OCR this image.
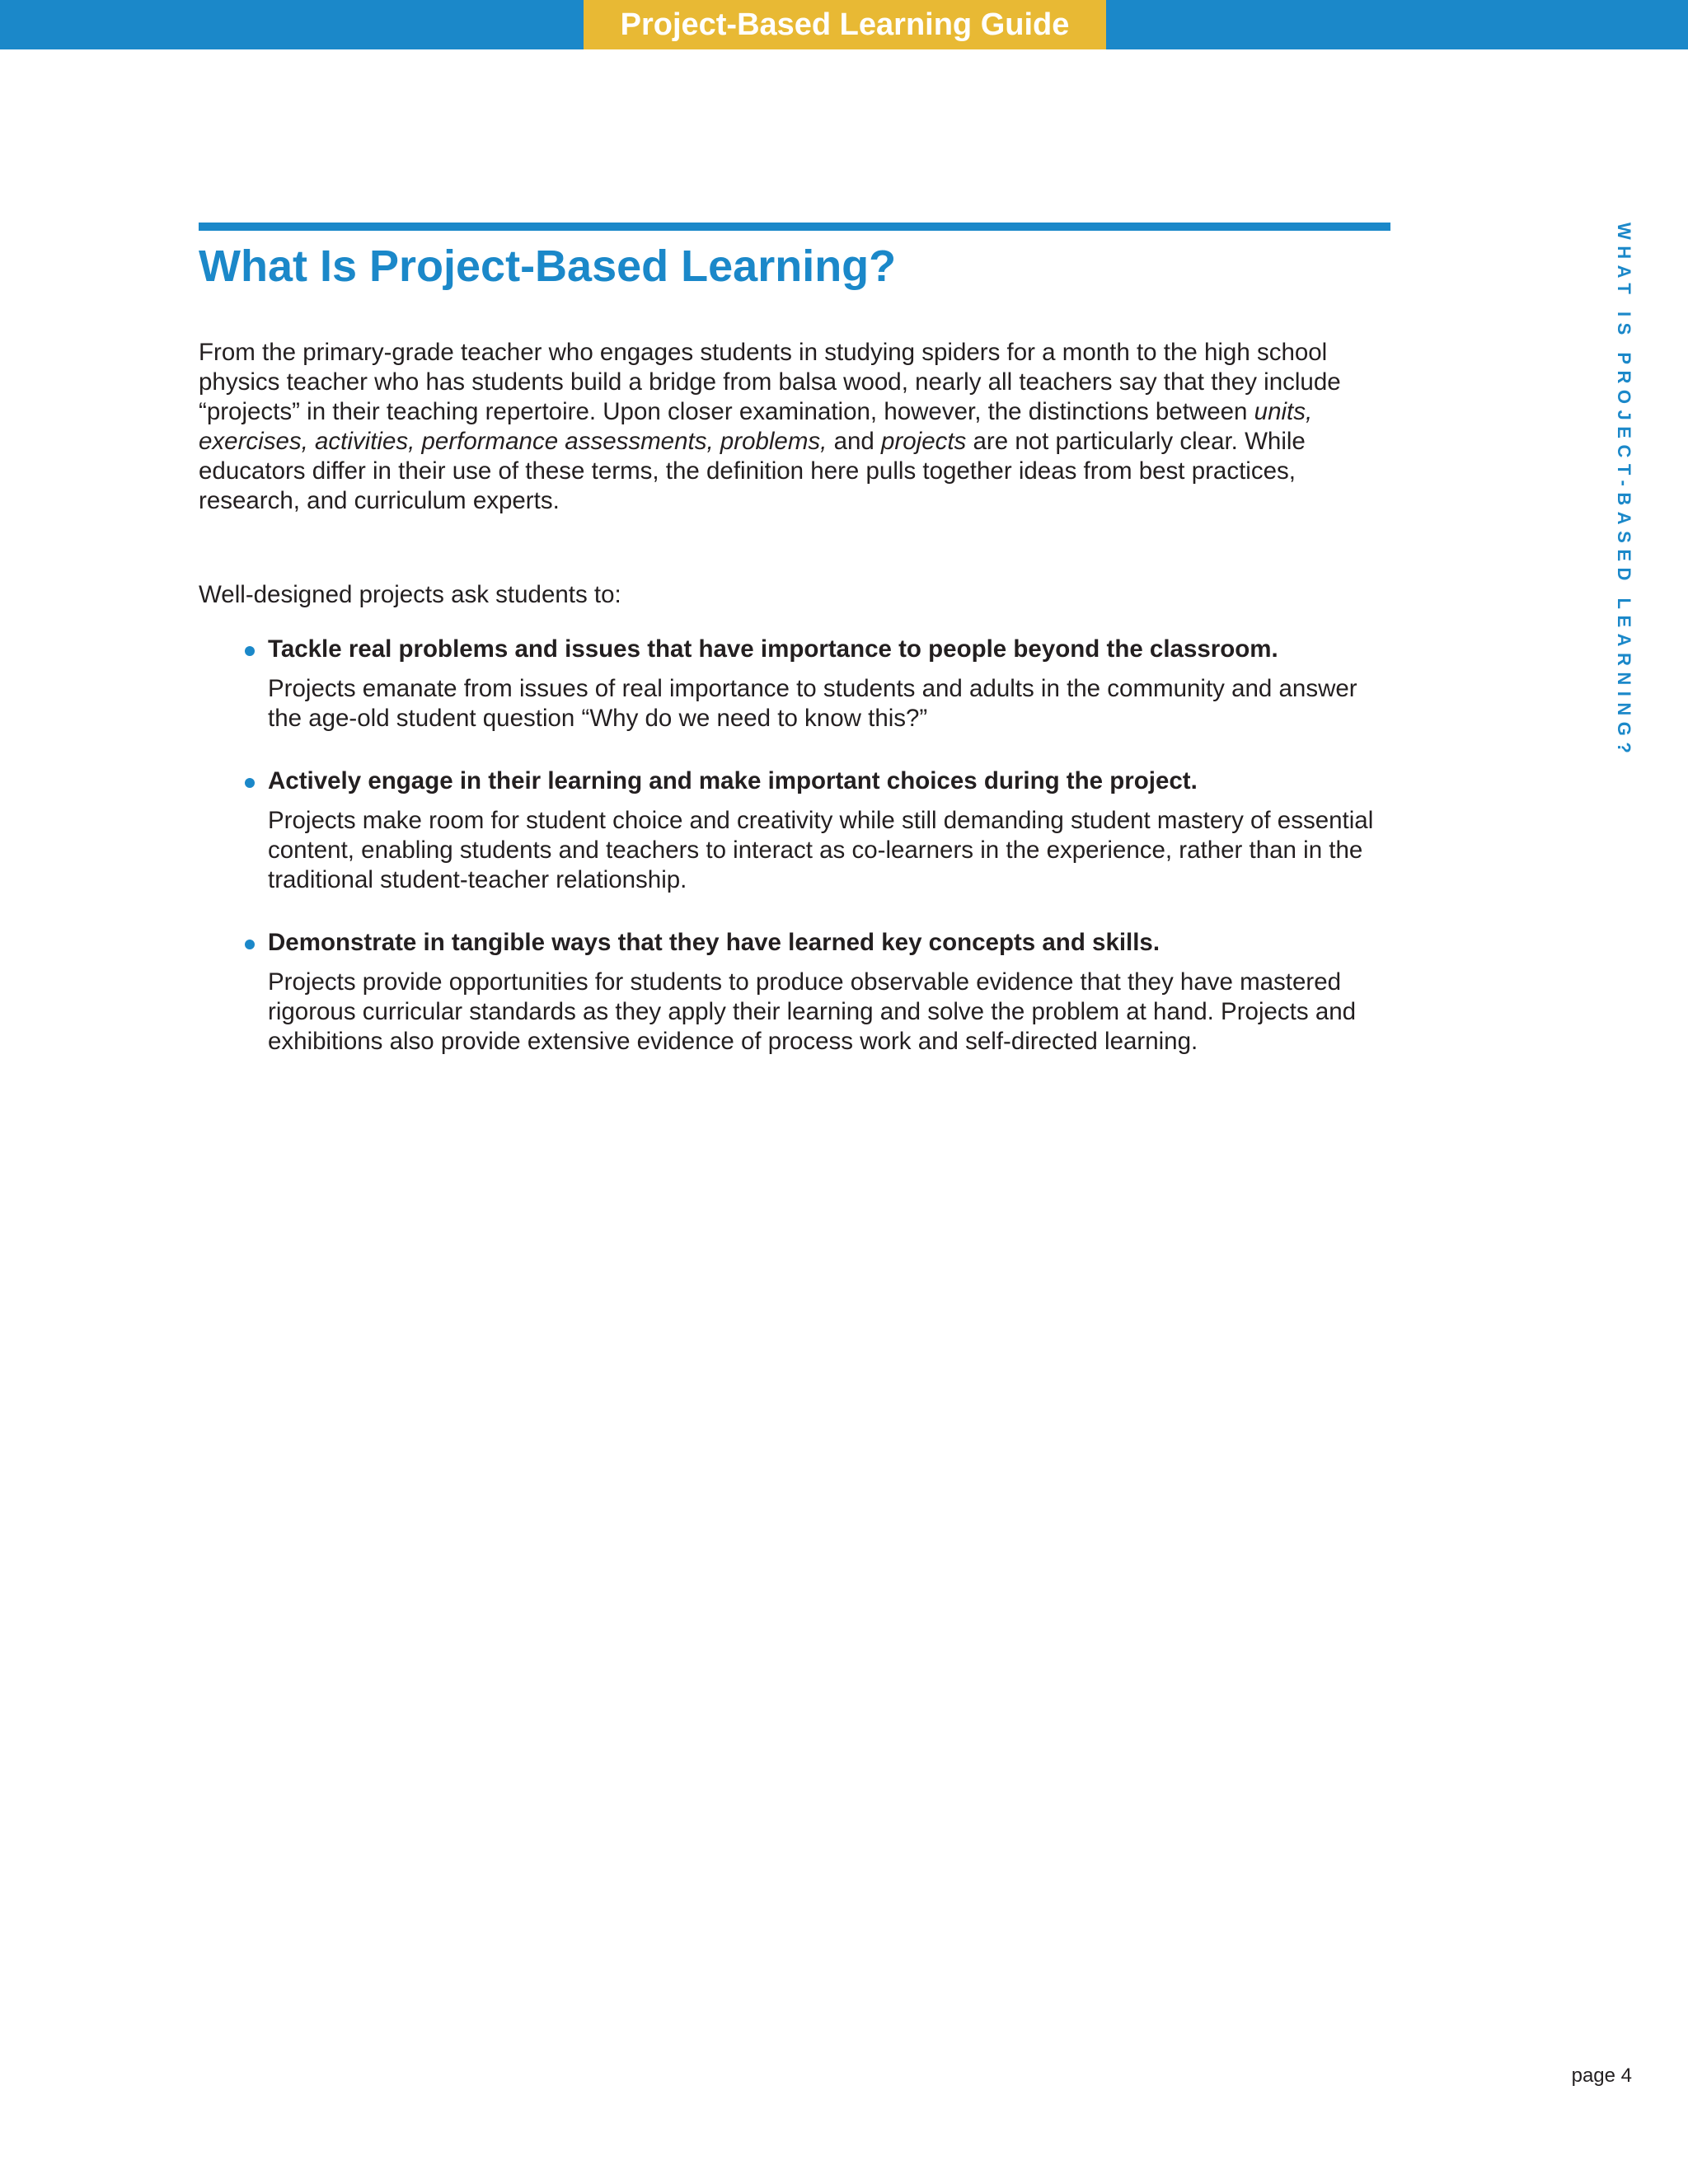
Project-Based Learning Guide
What Is Project-Based Learning?

From the primary-grade teacher who engages students in studying spiders for a month to the high school physics teacher who has students build a bridge from balsa wood, nearly all teachers say that they include “projects” in their teaching repertoire. Upon closer examination, however, the distinctions between units, exercises, activities, performance assessments, problems, and projects are not particularly clear. While educators differ in their use of these terms, the definition here pulls together ideas from best practices, research, and curriculum experts.

Well-designed projects ask students to:

Tackle real problems and issues that have importance to people beyond the classroom.
Projects emanate from issues of real importance to students and adults in the community and answer the age-old student question “Why do we need to know this?”
Actively engage in their learning and make important choices during the project.
Projects make room for student choice and creativity while still demanding student mastery of essential content, enabling students and teachers to interact as co-learners in the experience, rather than in the traditional student-teacher relationship.
Demonstrate in tangible ways that they have learned key concepts and skills.
Projects provide opportunities for students to produce observable evidence that they have mastered rigorous curricular standards as they apply their learning and solve the problem at hand. Projects and exhibitions also provide extensive evidence of process work and self-directed learning.
WHAT IS PROJECT-BASED LEARNING?
page 4
